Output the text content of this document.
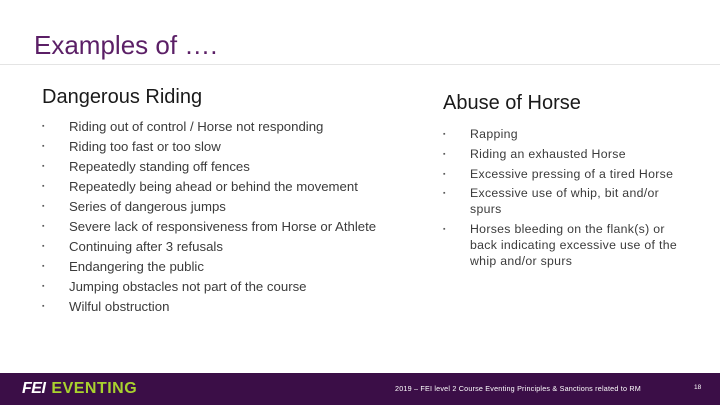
Examples of ….
Dangerous Riding
▪ Riding out of control / Horse not responding
▪ Riding too fast or too slow
▪ Repeatedly standing off fences
▪ Repeatedly being ahead or behind the movement
▪ Series of dangerous jumps
▪ Severe lack of responsiveness from Horse or Athlete
▪ Continuing after 3 refusals
▪ Endangering the public
▪ Jumping obstacles not part of the course
▪ Wilful obstruction
Abuse of Horse
▪ Rapping
▪ Riding an exhausted Horse
▪ Excessive pressing of a tired Horse
▪ Excessive use of whip, bit and/or spurs
▪ Horses bleeding on the flank(s) or back indicating excessive use of the whip and/or spurs
FEI EVENTING	2019 – FEI level 2 Course Eventing Principles & Sanctions related to RM	18
